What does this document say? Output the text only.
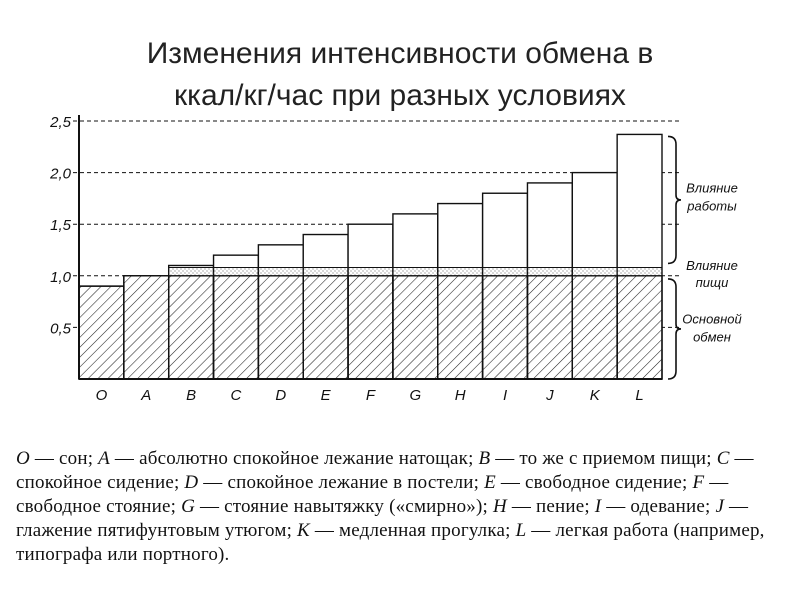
Изменения интенсивности обмена в
ккал/кг/час при разных условиях
0,5
1,0
1,5
2,0
2,5
O A B C D E F G H I	J K L
Влияние
работы
Влияние
пищи
Основной
обмен
O — сон; A — абсолютно спокойное лежание натощак; B — то же с приемом пищи; C — спокойное сидение; D — спокойное лежание в постели; E — свободное сидение; F — свободное стояние; G — стояние навытяжку («смирно»); H — пение; I — одевание; J — глажение пятифунтовым утюгом; K — медленная прогулка; L — легкая работа (например, типографа или портного).
